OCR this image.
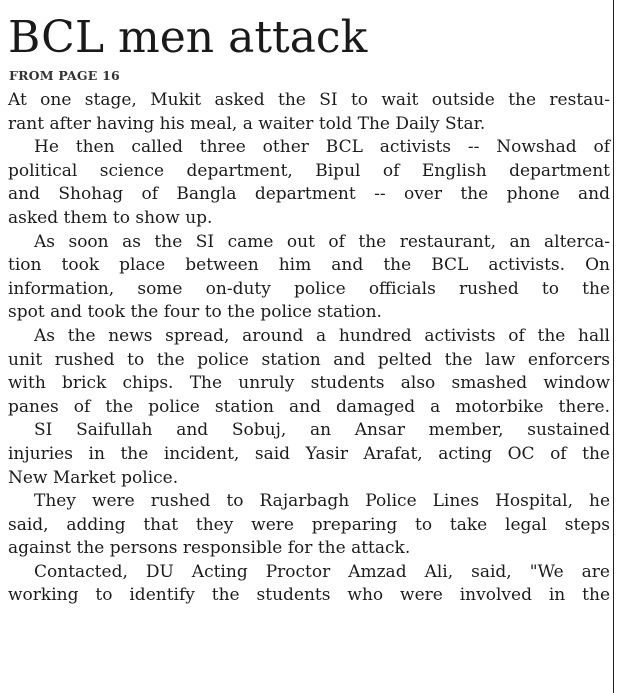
BCL men attack
FROM PAGE 16
At one stage, Mukit asked the SI to wait outside the restau-
rant after having his meal, a waiter told The Daily Star.
He then called three other BCL activists -- Nowshad of
political science department, Bipul of English department
and Shohag of Bangla department -- over the phone and
asked them to show up.
As soon as the SI came out of the restaurant, an alterca-
tion took place between him and the BCL activists. On
information, some on-duty police officials rushed to the
spot and took the four to the police station.
As the news spread, around a hundred activists of the hall
unit rushed to the police station and pelted the law enforcers
with brick chips. The unruly students also smashed window
panes of the police station and damaged a motorbike there.
SI Saifullah and Sobuj, an Ansar member, sustained
injuries in the incident, said Yasir Arafat, acting OC of the
New Market police.
They were rushed to Rajarbagh Police Lines Hospital, he
said, adding that they were preparing to take legal steps
against the persons responsible for the attack.
Contacted, DU Acting Proctor Amzad Ali, said, "We are
working to identify the students who were involved in the
